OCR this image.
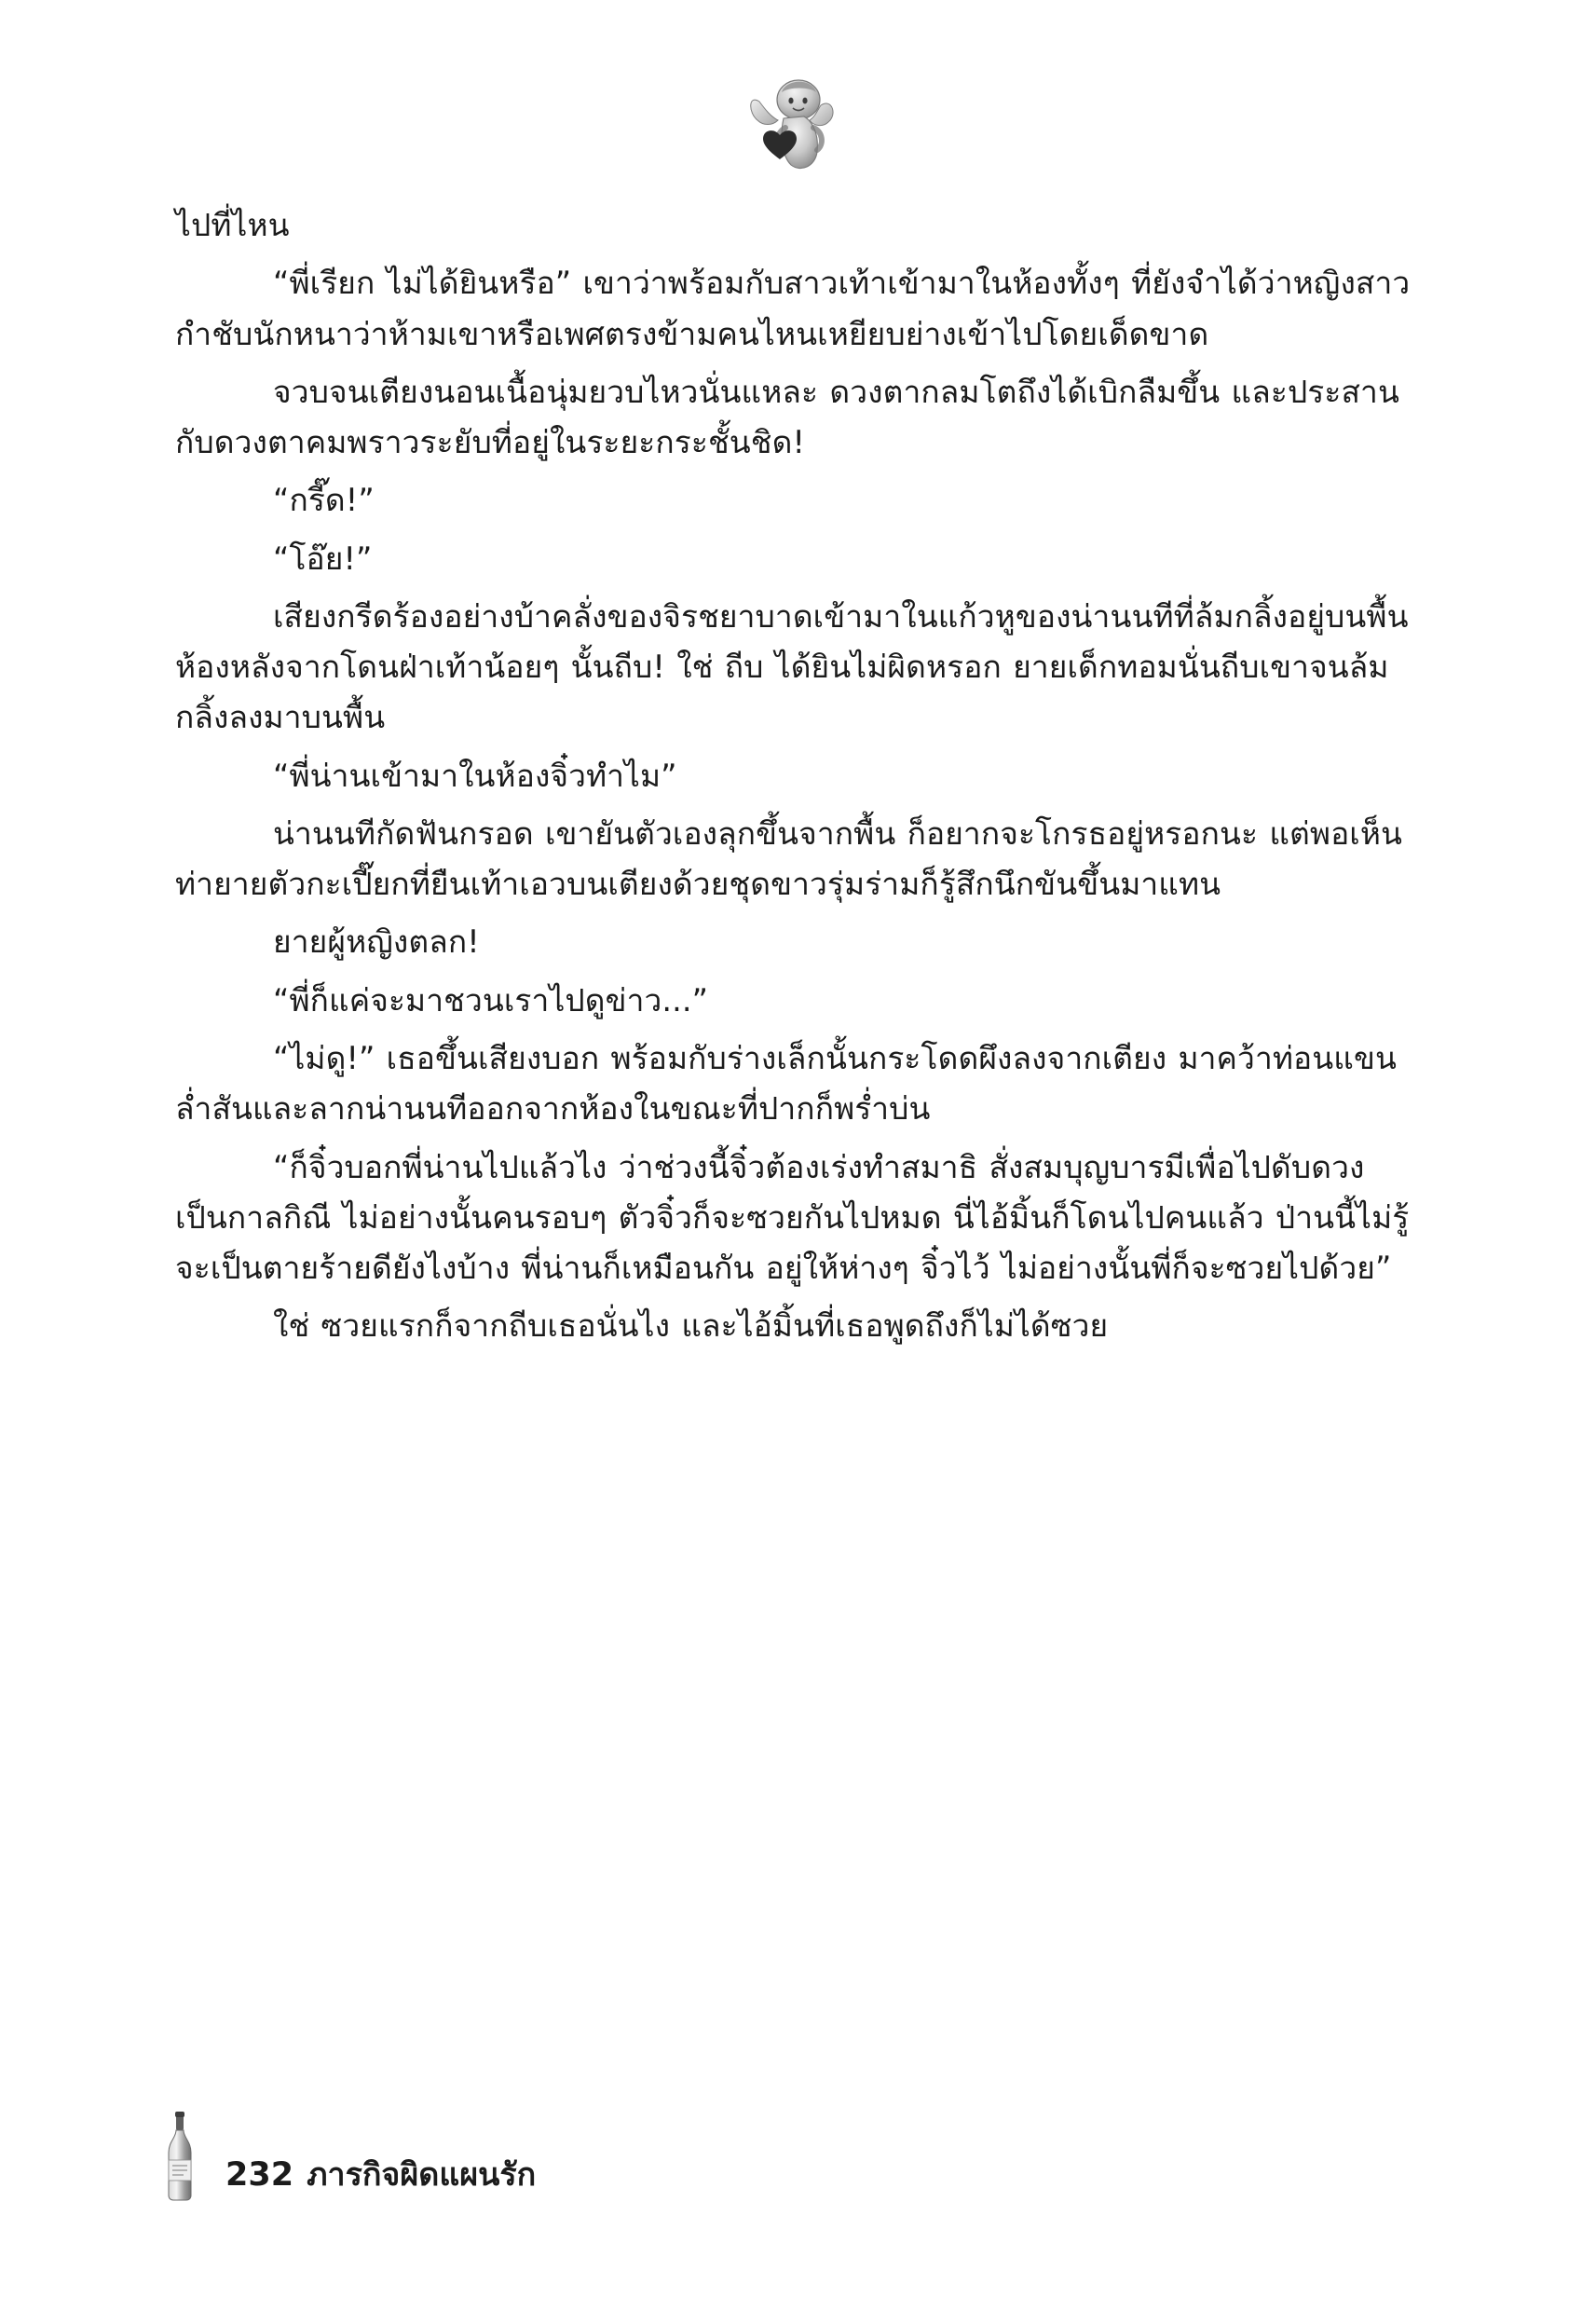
ไปที่ไหน

“พี่เรียก ไม่ได้ยินหรือ” เขาว่าพร้อมกับสาวเท้าเข้ามาในห้องทั้งๆ ที่ยังจำได้ว่าหญิงสาวกำชับนักหนาว่าห้ามเขาหรือเพศตรงข้ามคนไหนเหยียบย่างเข้าไปโดยเด็ดขาด

จวบจนเตียงนอนเนื้อนุ่มยวบไหวนั่นแหละ ดวงตากลมโตถึงได้เบิกลืมขึ้น และประสานกับดวงตาคมพราวระยับที่อยู่ในระยะกระชั้นชิด!

“กรี๊ด!”

“โอ๊ย!”

เสียงกรีดร้องอย่างบ้าคลั่งของจิรชยาบาดเข้ามาในแก้วหูของน่านนทีที่ล้มกลิ้งอยู่บนพื้นห้องหลังจากโดนฝ่าเท้าน้อยๆ นั้นถีบ! ใช่ ถีบ ได้ยินไม่ผิดหรอก ยายเด็กทอมนั่นถีบเขาจนล้มกลิ้งลงมาบนพื้น

“พี่น่านเข้ามาในห้องจิ๋วทำไม”

น่านนทีกัดฟันกรอด เขายันตัวเองลุกขึ้นจากพื้น ก็อยากจะโกรธอยู่หรอกนะ แต่พอเห็นท่ายายตัวกะเปี๊ยกที่ยืนเท้าเอวบนเตียงด้วยชุดขาวรุ่มร่ามก็รู้สึกนึกขันขึ้นมาแทน

ยายผู้หญิงตลก!

“พี่ก็แค่จะมาชวนเราไปดูข่าว...”

“ไม่ดู!” เธอขึ้นเสียงบอก พร้อมกับร่างเล็กนั้นกระโดดผึงลงจากเตียง มาคว้าท่อนแขนล่ำสันและลากน่านนทีออกจากห้องในขณะที่ปากก็พร่ำบ่น

“ก็จิ๋วบอกพี่น่านไปแล้วไง ว่าช่วงนี้จิ๋วต้องเร่งทำสมาธิ สั่งสมบุญบารมีเพื่อไปดับดวงเป็นกาลกิณี ไม่อย่างนั้นคนรอบๆ ตัวจิ๋วก็จะซวยกันไปหมด นี่ไอ้มิ้นก็โดนไปคนแล้ว ป่านนี้ไม่รู้จะเป็นตายร้ายดียังไงบ้าง พี่น่านก็เหมือนกัน อยู่ให้ห่างๆ จิ๋วไว้ ไม่อย่างนั้นพี่ก็จะซวยไปด้วย”

ใช่ ซวยแรกก็จากถีบเธอนั่นไง และไอ้มิ้นที่เธอพูดถึงก็ไม่ได้ซวย

232 ภารกิจผิดแผนรัก
